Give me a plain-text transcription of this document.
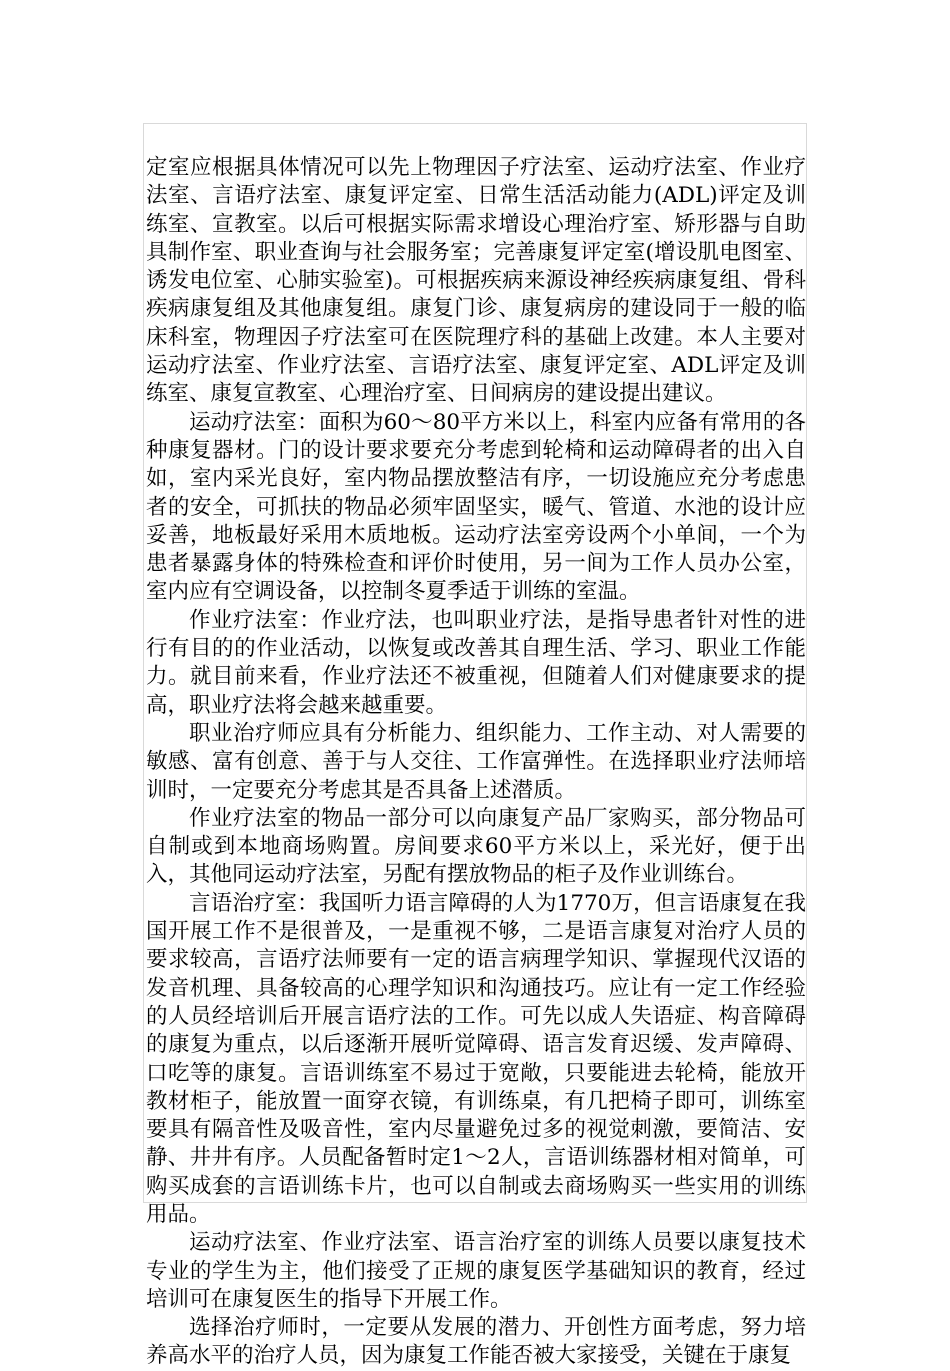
定室应根据具体情况可以先上物理因子疗法室、运动疗法室、作业疗法室、言语疗法室、康复评定室、日常生活活动能力(ADL)评定及训练室、宣教室。以后可根据实际需求增设心理治疗室、矫形器与自助具制作室、职业查询与社会服务室；完善康复评定室(增设肌电图室、诱发电位室、心肺实验室)。可根据疾病来源设神经疾病康复组、骨科疾病康复组及其他康复组。康复门诊、康复病房的建设同于一般的临床科室，物理因子疗法室可在医院理疗科的基础上改建。本人主要对运动疗法室、作业疗法室、言语疗法室、康复评定室、ADL评定及训练室、康复宣教室、心理治疗室、日间病房的建设提出建议。

运动疗法室：面积为60～80平方米以上，科室内应备有常用的各种康复器材。门的设计要求要充分考虑到轮椅和运动障碍者的出入自如，室内采光良好，室内物品摆放整洁有序，一切设施应充分考虑患者的安全，可抓扶的物品必须牢固坚实，暖气、管道、水池的设计应妥善，地板最好采用木质地板。运动疗法室旁设两个小单间，一个为患者暴露身体的特殊检查和评价时使用，另一间为工作人员办公室，室内应有空调设备，以控制冬夏季适于训练的室温。

作业疗法室：作业疗法，也叫职业疗法，是指导患者针对性的进行有目的的作业活动，以恢复或改善其自理生活、学习、职业工作能力。就目前来看，作业疗法还不被重视，但随着人们对健康要求的提高，职业疗法将会越来越重要。

职业治疗师应具有分析能力、组织能力、工作主动、对人需要的敏感、富有创意、善于与人交往、工作富弹性。在选择职业疗法师培训时，一定要充分考虑其是否具备上述潜质。

作业疗法室的物品一部分可以向康复产品厂家购买，部分物品可自制或到本地商场购置。房间要求60平方米以上，采光好，便于出入，其他同运动疗法室，另配有摆放物品的柜子及作业训练台。

言语治疗室：我国听力语言障碍的人为1770万，但言语康复在我国开展工作不是很普及，一是重视不够，二是语言康复对治疗人员的要求较高，言语疗法师要有一定的语言病理学知识、掌握现代汉语的发音机理、具备较高的心理学知识和沟通技巧。应让有一定工作经验的人员经培训后开展言语疗法的工作。可先以成人失语症、构音障碍的康复为重点，以后逐渐开展听觉障碍、语言发育迟缓、发声障碍、口吃等的康复。言语训练室不易过于宽敞，只要能进去轮椅，能放开教材柜子，能放置一面穿衣镜，有训练桌，有几把椅子即可，训练室要具有隔音性及吸音性，室内尽量避免过多的视觉刺激，要简洁、安静、井井有序。人员配备暂时定1～2人，言语训练器材相对简单，可购买成套的言语训练卡片，也可以自制或去商场购买一些实用的训练用品。

运动疗法室、作业疗法室、语言治疗室的训练人员要以康复技术专业的学生为主，他们接受了正规的康复医学基础知识的教育，经过培训可在康复医生的指导下开展工作。

选择治疗师时，一定要从发展的潜力、开创性方面考虑，努力培养高水平的治疗人员，因为康复工作能否被大家接受，关键在于康复
